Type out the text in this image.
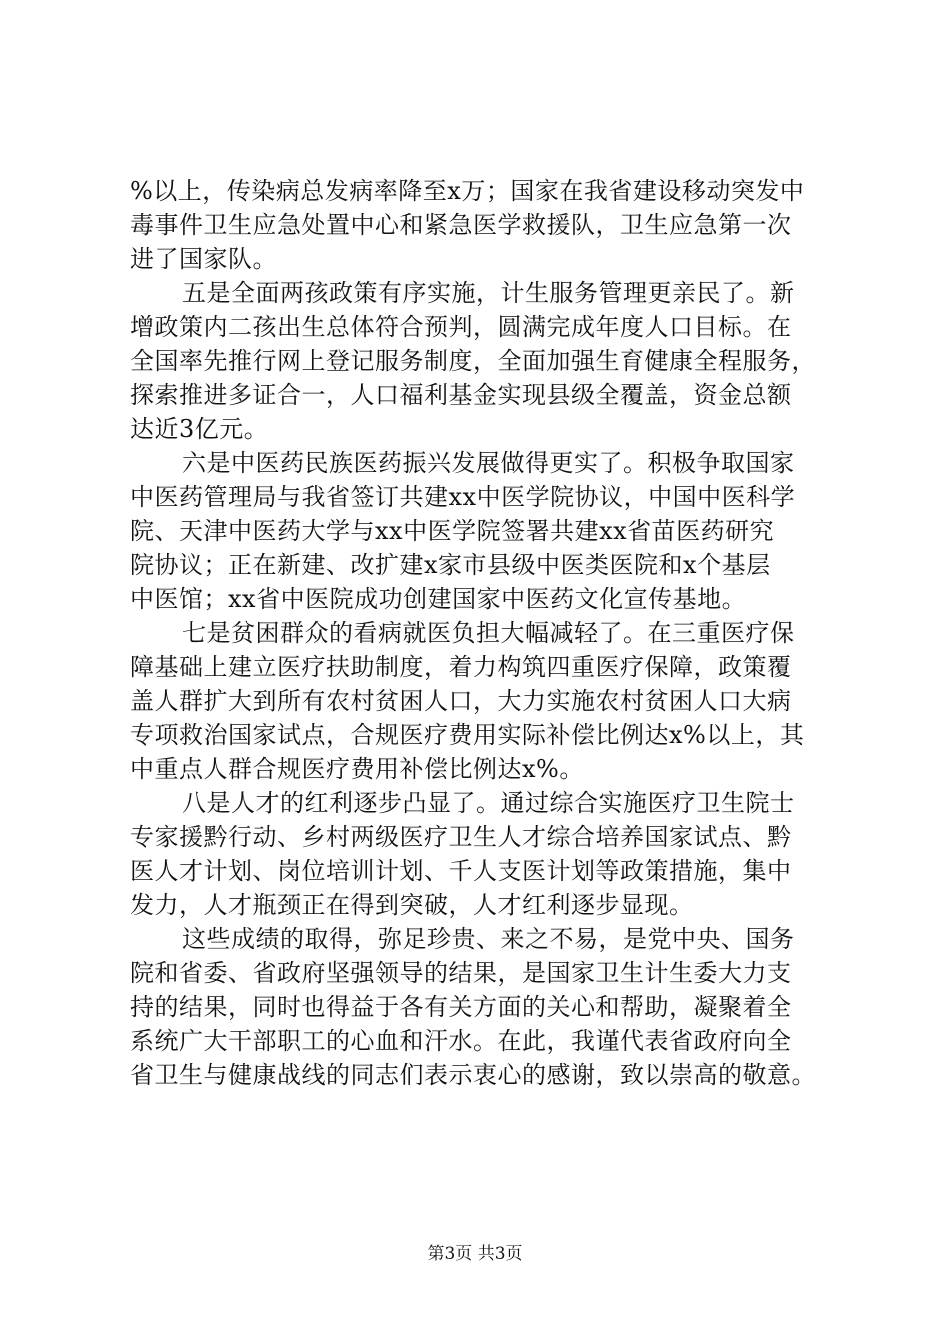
%以上，传染病总发病率降至x万；国家在我省建设移动突发中
毒事件卫生应急处置中心和紧急医学救援队，卫生应急第一次
进了国家队。
五是全面两孩政策有序实施，计生服务管理更亲民了。新
增政策内二孩出生总体符合预判，圆满完成年度人口目标。在
全国率先推行网上登记服务制度，全面加强生育健康全程服务，
探索推进多证合一，人口福利基金实现县级全覆盖，资金总额
达近3亿元。
六是中医药民族医药振兴发展做得更实了。积极争取国家
中医药管理局与我省签订共建xx中医学院协议，中国中医科学
院、天津中医药大学与xx中医学院签署共建xx省苗医药研究
院协议；正在新建、改扩建x家市县级中医类医院和x个基层
中医馆；xx省中医院成功创建国家中医药文化宣传基地。
七是贫困群众的看病就医负担大幅减轻了。在三重医疗保
障基础上建立医疗扶助制度，着力构筑四重医疗保障，政策覆
盖人群扩大到所有农村贫困人口，大力实施农村贫困人口大病
专项救治国家试点，合规医疗费用实际补偿比例达x%以上，其
中重点人群合规医疗费用补偿比例达x%。
八是人才的红利逐步凸显了。通过综合实施医疗卫生院士
专家援黔行动、乡村两级医疗卫生人才综合培养国家试点、黔
医人才计划、岗位培训计划、千人支医计划等政策措施，集中
发力，人才瓶颈正在得到突破，人才红利逐步显现。
这些成绩的取得，弥足珍贵、来之不易，是党中央、国务
院和省委、省政府坚强领导的结果，是国家卫生计生委大力支
持的结果，同时也得益于各有关方面的关心和帮助，凝聚着全
系统广大干部职工的心血和汗水。在此，我谨代表省政府向全
省卫生与健康战线的同志们表示衷心的感谢，致以崇高的敬意。
第3页 共3页
